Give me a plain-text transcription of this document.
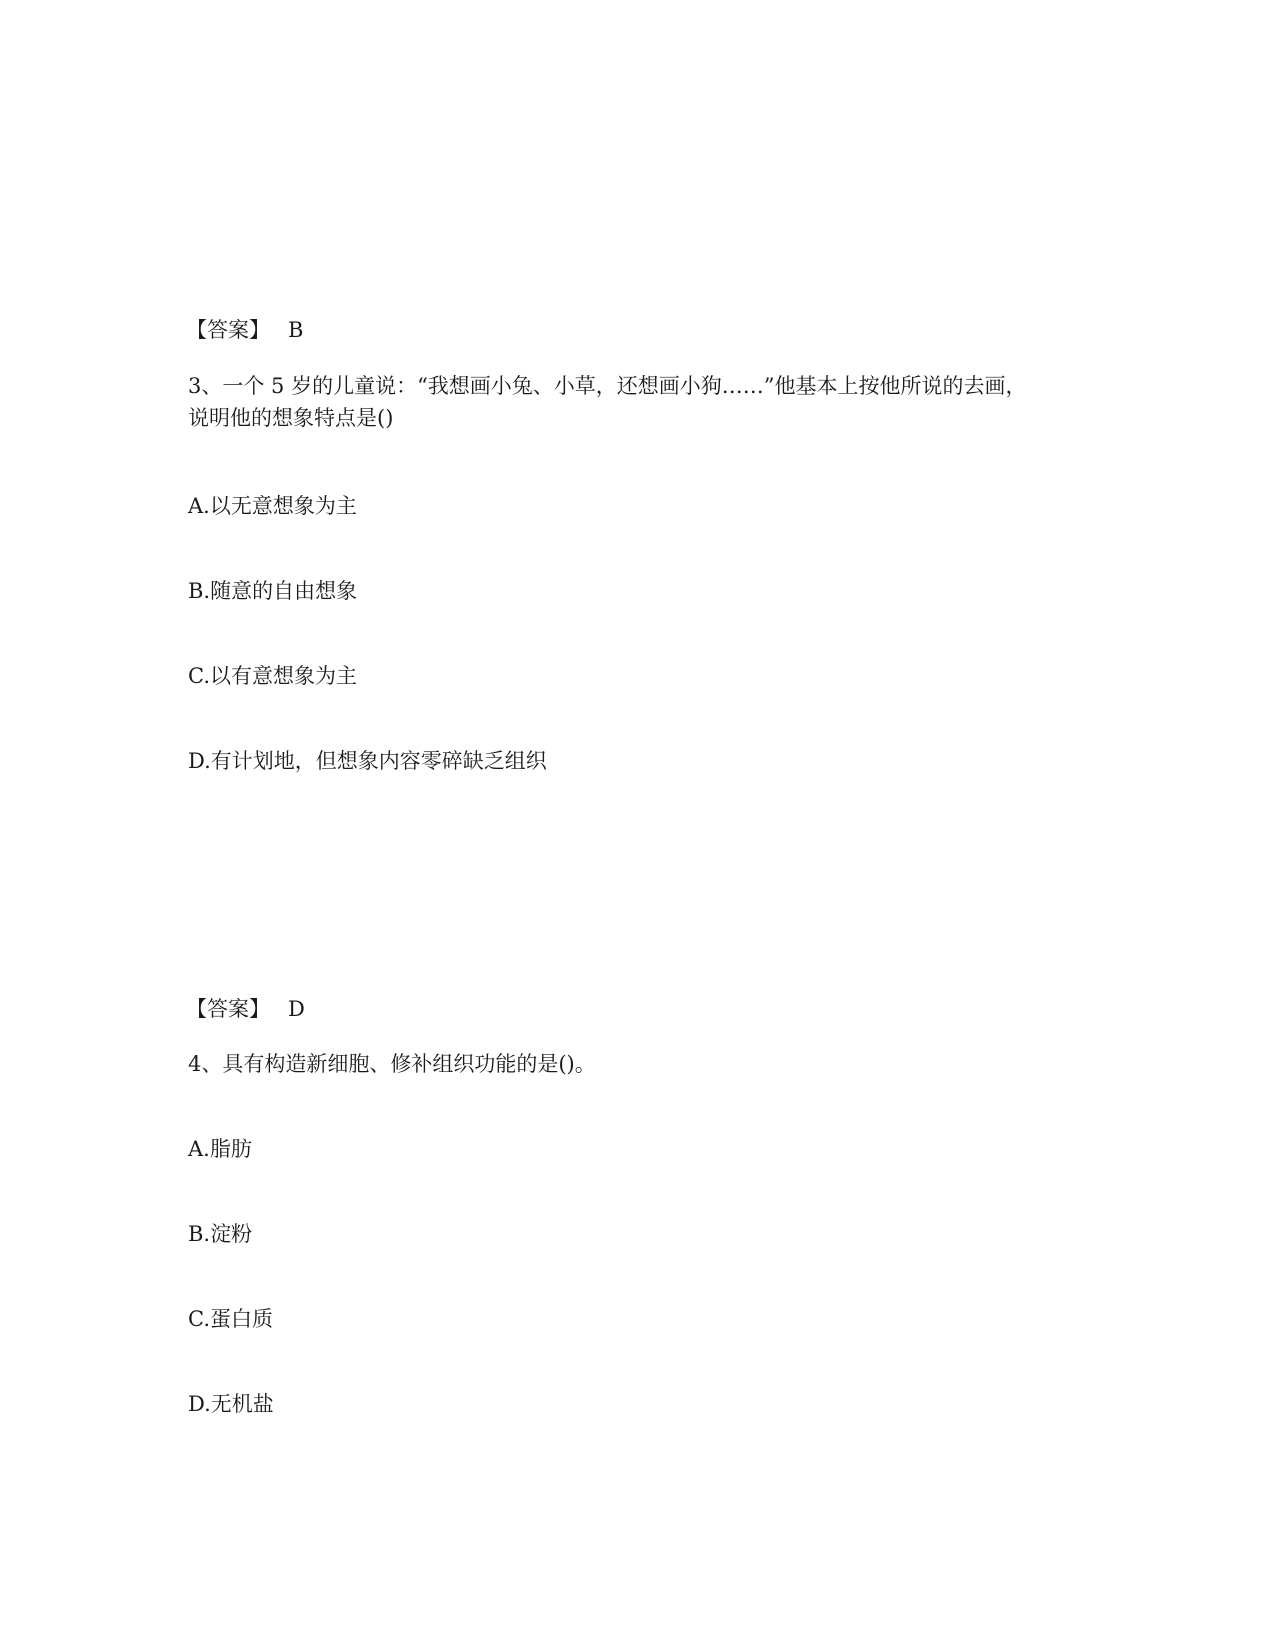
【答案】 B
3、一个 5 岁的儿童说：“我想画小兔、小草，还想画小狗……”他基本上按他所说的去画，
说明他的想象特点是()
A.以无意想象为主
B.随意的自由想象
C.以有意想象为主
D.有计划地，但想象内容零碎缺乏组织
【答案】 D
4、具有构造新细胞、修补组织功能的是()。
A.脂肪
B.淀粉
C.蛋白质
D.无机盐
